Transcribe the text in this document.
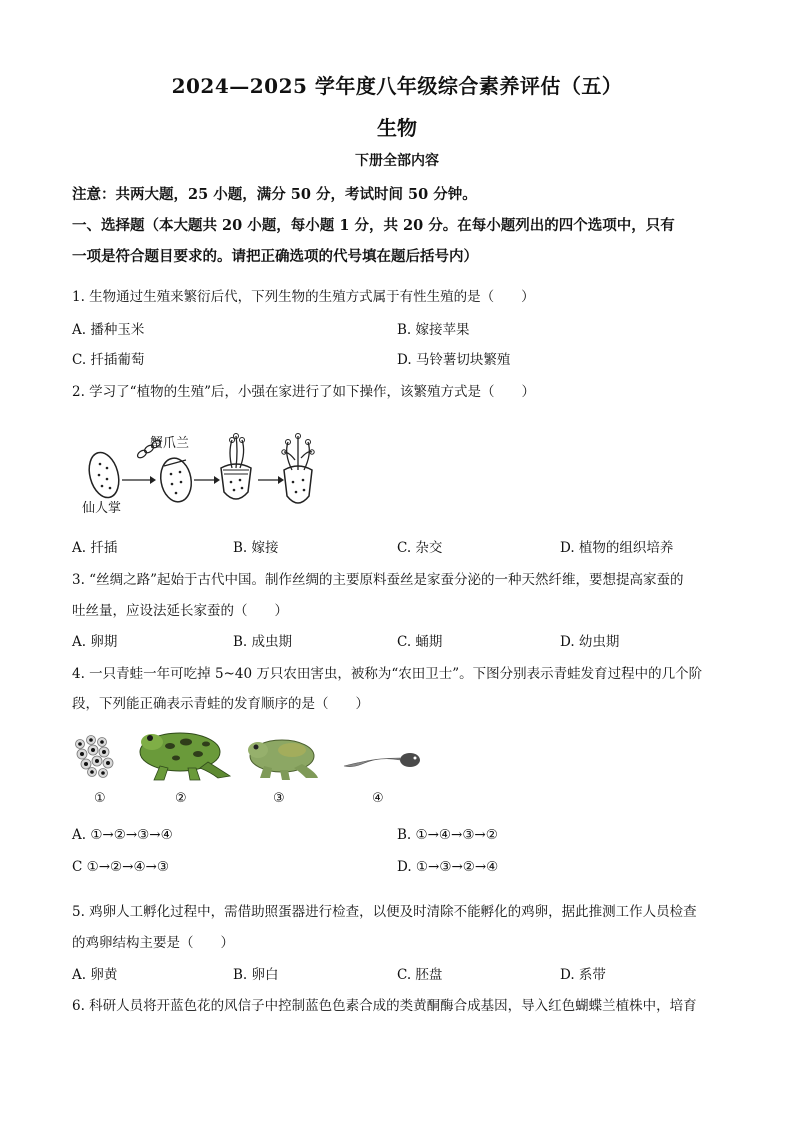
2024—2025 学年度八年级综合素养评估（五）
生物
下册全部内容
注意：共两大题，25 小题，满分 50 分，考试时间 50 分钟。
一、选择题（本大题共 20 小题，每小题 1 分，共 20 分。在每小题列出的四个选项中，只有
一项是符合题目要求的。请把正确选项的代号填在题后括号内）
1. 生物通过生殖来繁衍后代，下列生物的生殖方式属于有性生殖的是（　　）
A. 播种玉米	B. 嫁接苹果
C. 扦插葡萄	D. 马铃薯切块繁殖
2. 学习了“植物的生殖”后，小强在家进行了如下操作，该繁殖方式是（　　）
蟹爪兰
仙人掌
A. 扦插	B. 嫁接	C. 杂交	D. 植物的组织培养
3. “丝绸之路”起始于古代中国。制作丝绸的主要原料蚕丝是家蚕分泌的一种天然纤维，要想提高家蚕的
吐丝量，应设法延长家蚕的（　　）
A. 卵期	B. 成虫期	C. 蛹期	D. 幼虫期
4. 一只青蛙一年可吃掉 5~40 万只农田害虫，被称为“农田卫士”。下图分别表示青蛙发育过程中的几个阶
段，下列能正确表示青蛙的发育顺序的是（　　）
①	②	③	④
A. ①→②→③→④	B. ①→④→③→②
C ①→②→④→③	D. ①→③→②→④
5. 鸡卵人工孵化过程中，需借助照蛋器进行检查，以便及时清除不能孵化的鸡卵，据此推测工作人员检查
的鸡卵结构主要是（　　）
A. 卵黄	B. 卵白	C. 胚盘	D. 系带
6. 科研人员将开蓝色花的风信子中控制蓝色色素合成的类黄酮酶合成基因，导入红色蝴蝶兰植株中，培育
